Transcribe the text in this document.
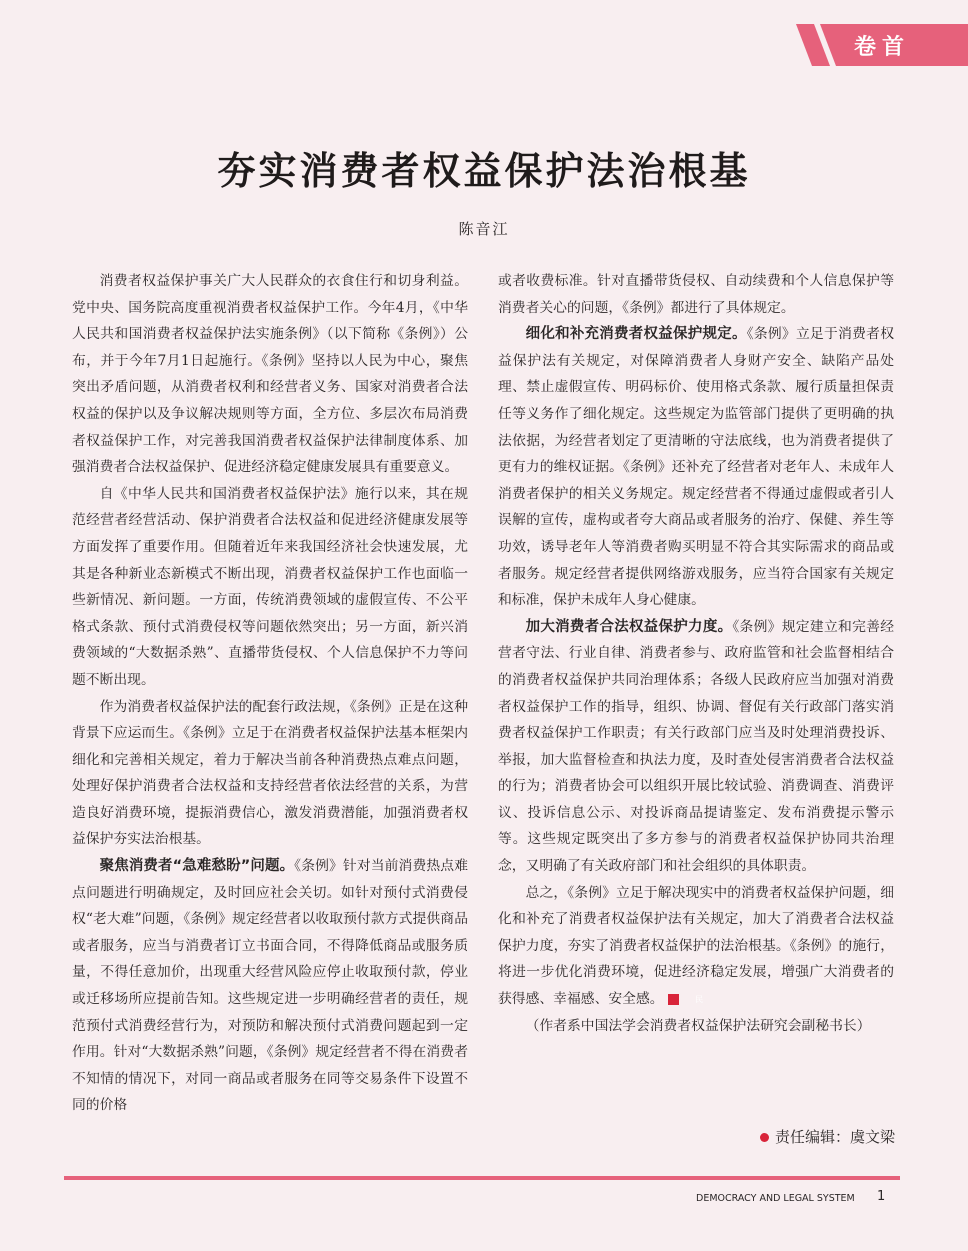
卷首
夯实消费者权益保护法治根基
陈音江

消费者权益保护事关广大人民群众的衣食住行和切身利益。党中央、国务院高度重视消费者权益保护工作。今年4月，《中华人民共和国消费者权益保护法实施条例》（以下简称《条例》）公布，并于今年7月1日起施行。《条例》坚持以人民为中心，聚焦突出矛盾问题，从消费者权利和经营者义务、国家对消费者合法权益的保护以及争议解决规则等方面，全方位、多层次布局消费者权益保护工作，对完善我国消费者权益保护法律制度体系、加强消费者合法权益保护、促进经济稳定健康发展具有重要意义。

自《中华人民共和国消费者权益保护法》施行以来，其在规范经营者经营活动、保护消费者合法权益和促进经济健康发展等方面发挥了重要作用。但随着近年来我国经济社会快速发展，尤其是各种新业态新模式不断出现，消费者权益保护工作也面临一些新情况、新问题。一方面，传统消费领域的虚假宣传、不公平格式条款、预付式消费侵权等问题依然突出；另一方面，新兴消费领域的“大数据杀熟”、直播带货侵权、个人信息保护不力等问题不断出现。

作为消费者权益保护法的配套行政法规，《条例》正是在这种背景下应运而生。《条例》立足于在消费者权益保护法基本框架内细化和完善相关规定，着力于解决当前各种消费热点难点问题，处理好保护消费者合法权益和支持经营者依法经营的关系，为营造良好消费环境，提振消费信心，激发消费潜能，加强消费者权益保护夯实法治根基。

聚焦消费者“急难愁盼”问题。《条例》针对当前消费热点难点问题进行明确规定，及时回应社会关切。如针对预付式消费侵权“老大难”问题，《条例》规定经营者以收取预付款方式提供商品或者服务，应当与消费者订立书面合同，不得降低商品或服务质量，不得任意加价，出现重大经营风险应停止收取预付款，停业或迁移场所应提前告知。这些规定进一步明确经营者的责任，规范预付式消费经营行为，对预防和解决预付式消费问题起到一定作用。针对“大数据杀熟”问题，《条例》规定经营者不得在消费者不知情的情况下，对同一商品或者服务在同等交易条件下设置不同的价格

或者收费标准。针对直播带货侵权、自动续费和个人信息保护等消费者关心的问题，《条例》都进行了具体规定。

细化和补充消费者权益保护规定。《条例》立足于消费者权益保护法有关规定，对保障消费者人身财产安全、缺陷产品处理、禁止虚假宣传、明码标价、使用格式条款、履行质量担保责任等义务作了细化规定。这些规定为监管部门提供了更明确的执法依据，为经营者划定了更清晰的守法底线，也为消费者提供了更有力的维权证据。《条例》还补充了经营者对老年人、未成年人消费者保护的相关义务规定。规定经营者不得通过虚假或者引人误解的宣传，虚构或者夸大商品或者服务的治疗、保健、养生等功效，诱导老年人等消费者购买明显不符合其实际需求的商品或者服务。规定经营者提供网络游戏服务，应当符合国家有关规定和标准，保护未成年人身心健康。

加大消费者合法权益保护力度。《条例》规定建立和完善经营者守法、行业自律、消费者参与、政府监管和社会监督相结合的消费者权益保护共同治理体系；各级人民政府应当加强对消费者权益保护工作的指导，组织、协调、督促有关行政部门落实消费者权益保护工作职责；有关行政部门应当及时处理消费投诉、举报，加大监督检查和执法力度，及时查处侵害消费者合法权益的行为；消费者协会可以组织开展比较试验、消费调查、消费评议、投诉信息公示、对投诉商品提请鉴定、发布消费提示警示等。这些规定既突出了多方参与的消费者权益保护协同共治理念，又明确了有关政府部门和社会组织的具体职责。

总之，《条例》立足于解决现实中的消费者权益保护问题，细化和补充了消费者权益保护法有关规定，加大了消费者合法权益保护力度，夯实了消费者权益保护的法治根基。《条例》的施行，将进一步优化消费环境，促进经济稳定发展，增强广大消费者的获得感、幸福感、安全感。	民

（作者系中国法学会消费者权益保护法研究会副秘书长）

责任编辑：虞文梁
DEMOCRACY AND LEGAL SYSTEM 1
